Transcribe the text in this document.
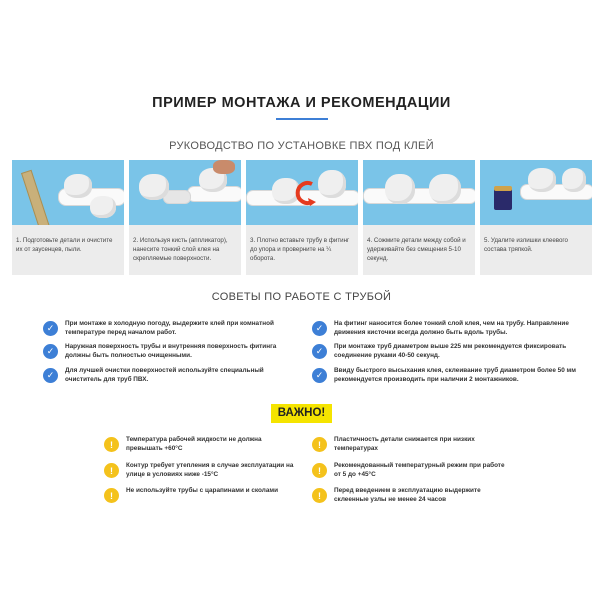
ПРИМЕР МОНТАЖА И РЕКОМЕНДАЦИИ
РУКОВОДСТВО ПО УСТАНОВКЕ ПВХ ПОД КЛЕЙ
1. Подготовьте детали и очистите их от заусенцев, пыли.
2. Используя кисть (аппликатор), нанесите тонкий слой клея на скрепляемые поверхности.
3. Плотно вставьте трубу в фитинг до упора и проверните на ¼ оборота.
4. Сожмите детали между собой и удерживайте без смещения 5-10 секунд.
5. Удалите излишки клеевого состава тряпкой.
СОВЕТЫ ПО РАБОТЕ С ТРУБОЙ
✓	При монтаже в холодную погоду, выдержите клей при комнатной температуре перед началом работ.
✓	Наружная поверхность трубы и внутренняя поверхность фитинга должны быть полностью очищенными.
✓	Для лучшей очистки поверхностей используйте специальный очиститель для труб ПВХ.
✓	На фитинг наносится более тонкий слой клея, чем на трубу. Направление движения кисточки всегда должно быть вдоль трубы.
✓	При монтаже труб диаметром выше 225 мм рекомендуется фиксировать соединение руками 40-50 секунд.
✓	Ввиду быстрого высыхания клея, склеивание труб диаметром более 50 мм рекомендуется производить при наличии 2 монтажников.
ВАЖНО!
!	Температура рабочей жидкости не должна превышать +60°С
!	Контур требует утепления в случае эксплуатации на улице в условиях ниже -15°С
!	Не используйте трубы с царапинами и сколами
!	Пластичность детали снижается при низких температурах
!	Рекомендованный температурный режим при работе от 5 до +45°С
!	Перед введением в эксплуатацию выдержите склеенные узлы не менее 24 часов
